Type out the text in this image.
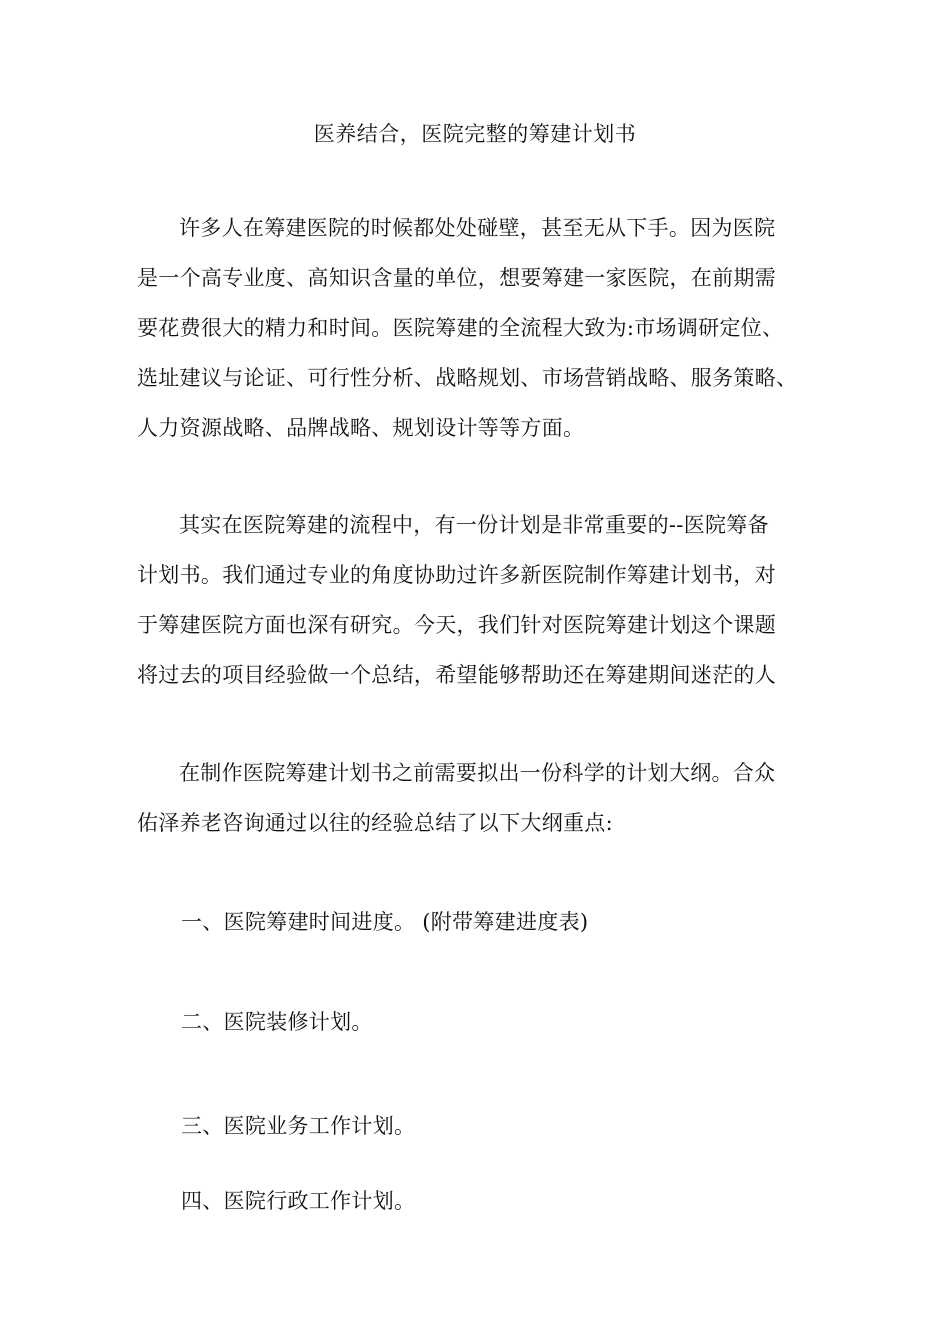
医养结合，医院完整的筹建计划书
许多人在筹建医院的时候都处处碰壁，甚至无从下手。因为医院
是一个高专业度、高知识含量的单位，想要筹建一家医院，在前期需
要花费很大的精力和时间。医院筹建的全流程大致为:市场调研定位、
选址建议与论证、可行性分析、战略规划、市场营销战略、服务策略、
人力资源战略、品牌战略、规划设计等等方面。
其实在医院筹建的流程中，有一份计划是非常重要的--医院筹备
计划书。我们通过专业的角度协助过许多新医院制作筹建计划书，对
于筹建医院方面也深有研究。今天，我们针对医院筹建计划这个课题
将过去的项目经验做一个总结，希望能够帮助还在筹建期间迷茫的人
在制作医院筹建计划书之前需要拟出一份科学的计划大纲。合众
佑泽养老咨询通过以往的经验总结了以下大纲重点:
一、医院筹建时间进度。 (附带筹建进度表)
二、医院装修计划。
三、医院业务工作计划。
四、医院行政工作计划。
